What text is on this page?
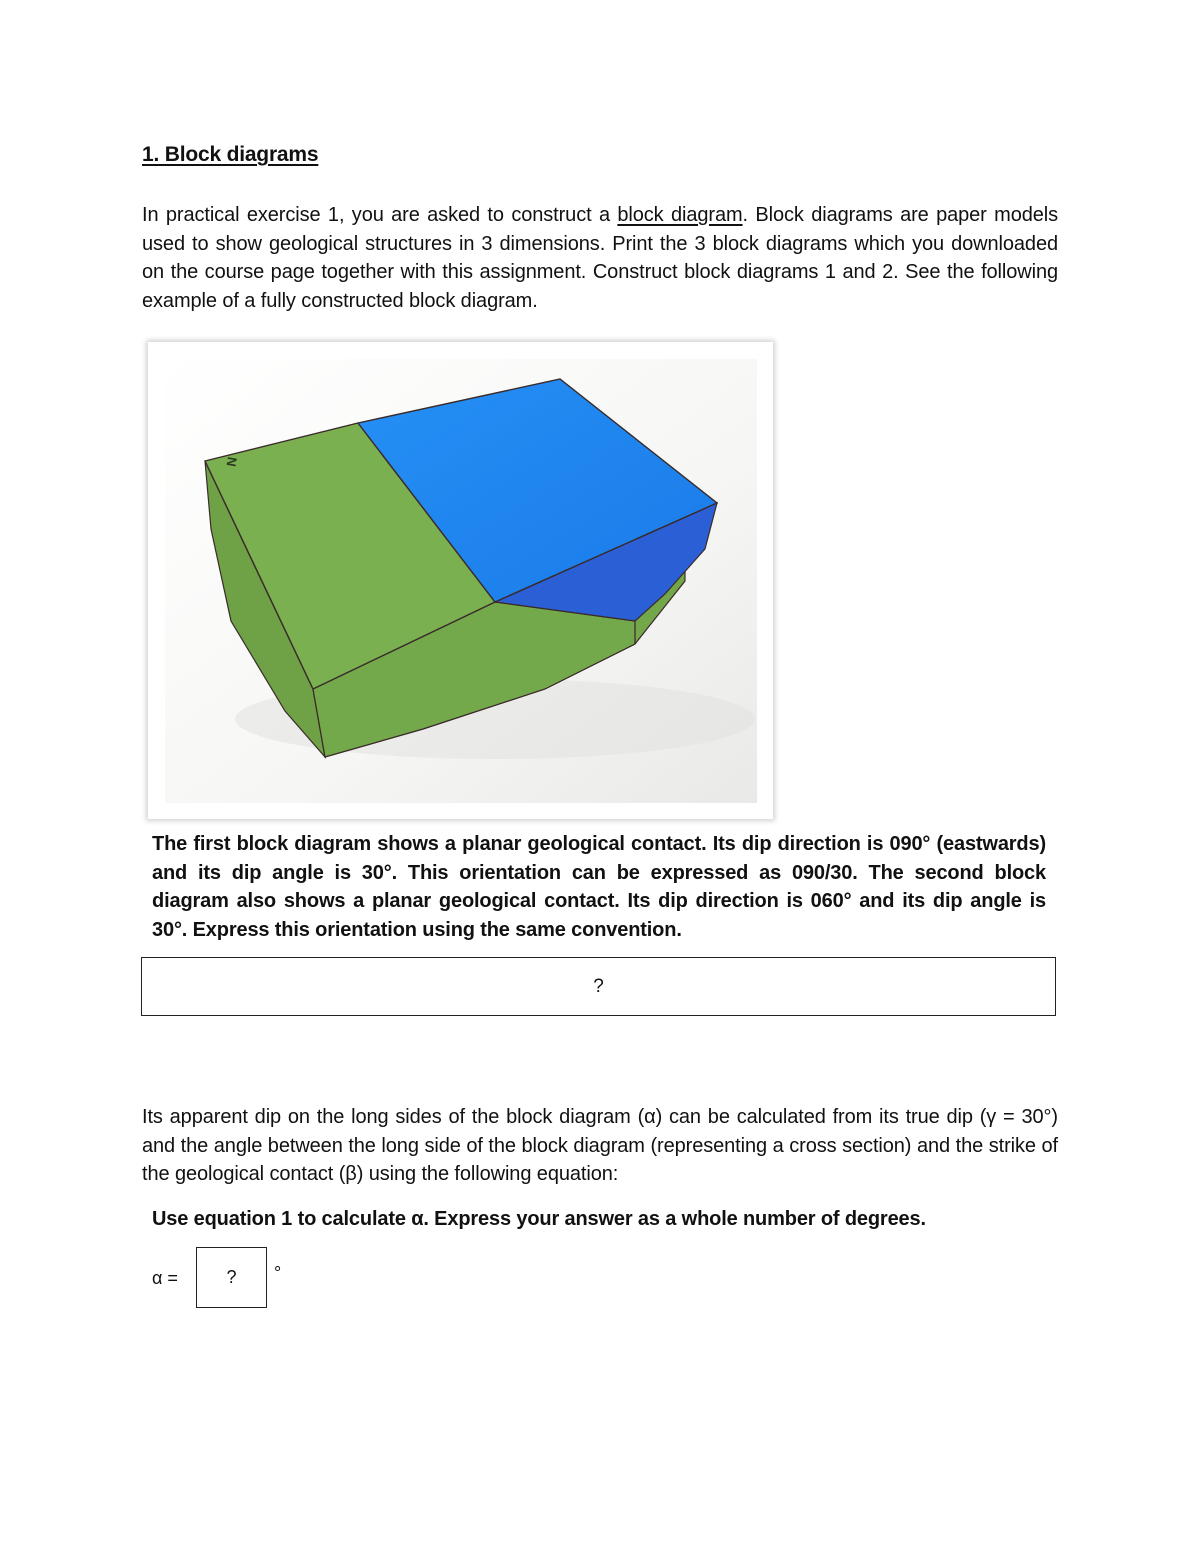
1. Block diagrams
In practical exercise 1, you are asked to construct a block diagram. Block diagrams are paper models used to show geological structures in 3 dimensions. Print the 3 block diagrams which you downloaded on the course page together with this assignment. Construct block diagrams 1 and 2. See the following example of a fully constructed block diagram.
N
The first block diagram shows a planar geological contact. Its dip direction is 090° (eastwards) and its dip angle is 30°. This orientation can be expressed as 090/30. The second block diagram also shows a planar geological contact. Its dip direction is 060° and its dip angle is 30°. Express this orientation using the same convention.
?
Its apparent dip on the long sides of the block diagram (α) can be calculated from its true dip (γ = 30°) and the angle between the long side of the block diagram (representing a cross section) and the strike of the geological contact (β) using the following equation:
Use equation 1 to calculate α. Express your answer as a whole number of degrees.
α =	?	°
